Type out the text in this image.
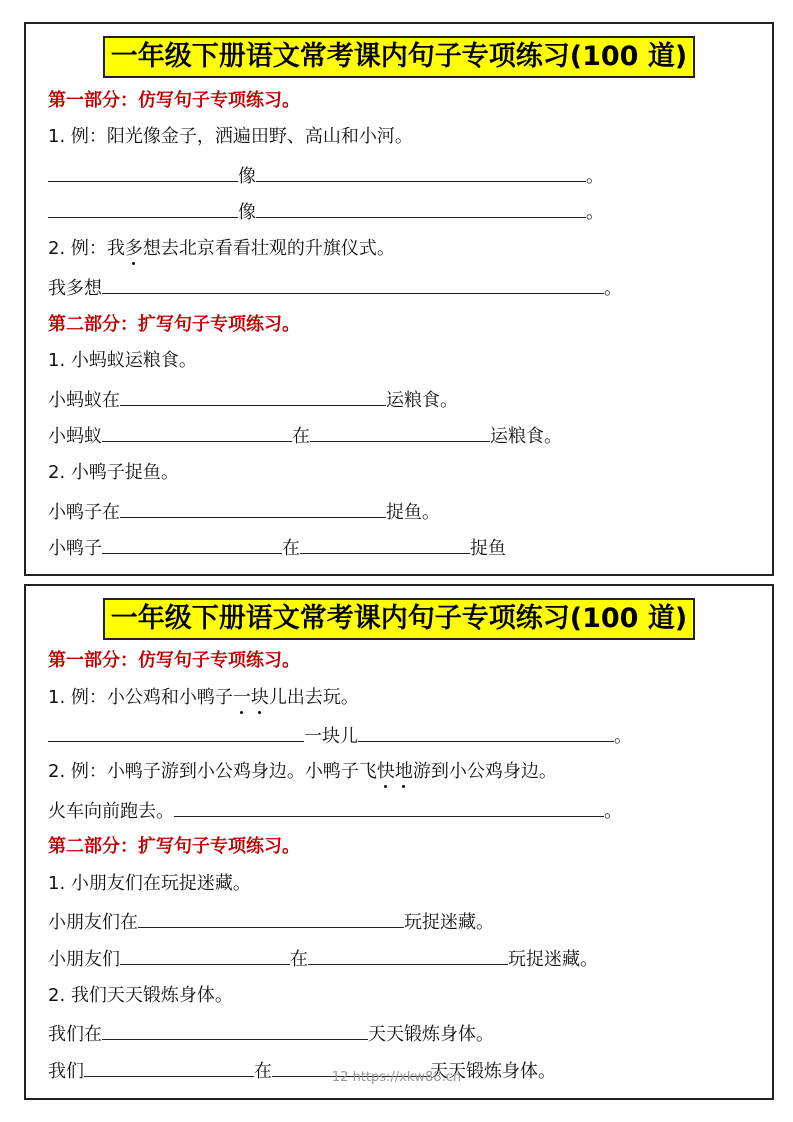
一年级下册语文常考课内句子专项练习(100 道)
第一部分：仿写句子专项练习。
1. 例：阳光像金子，洒遍田野、高山和小河。
像	。
像	。
2. 例：我多想去北京看看壮观的升旗仪式。
我多想	。
第二部分：扩写句子专项练习。
1. 小蚂蚁运粮食。
小蚂蚁在	运粮食。
小蚂蚁	在	运粮食。
2. 小鸭子捉鱼。
小鸭子在	捉鱼。
小鸭子	在	捉鱼
一年级下册语文常考课内句子专项练习(100 道)
第一部分：仿写句子专项练习。
1. 例：小公鸡和小鸭子一块儿出去玩。
一块儿	。
2. 例：小鸭子游到小公鸡身边。小鸭子飞快地游到小公鸡身边。
火车向前跑去。	。
第二部分：扩写句子专项练习。
1. 小朋友们在玩捉迷藏。
小朋友们在	玩捉迷藏。
小朋友们	在	玩捉迷藏。
2. 我们天天锻炼身体。
我们在	天天锻炼身体。
我们	在	天天锻炼身体。
12 https://xkw88.cn
